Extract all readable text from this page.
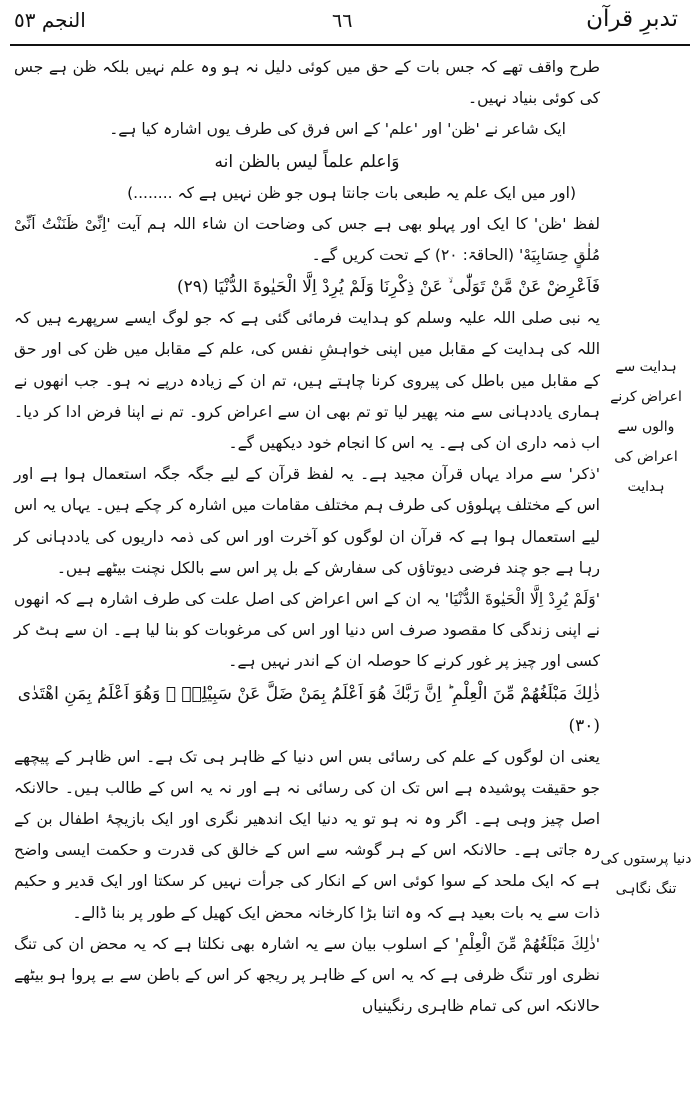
تدبرِ قرآن
٦٦
النجم ٥٣

طرح واقف تھے کہ جس بات کے حق میں کوئی دلیل نہ ہو وہ علم نہیں بلکہ ظن ہے جس کی کوئی بنیاد نہیں۔

ایک شاعر نے 'ظن' اور 'علم' کے اس فرق کی طرف یوں اشارہ کیا ہے۔

وَاعلم علماً ليس بالظن انه

(اور میں ایک علم یہ طبعی بات جانتا ہوں جو ظن نہیں ہے کہ ........)

لفظ 'ظن' کا ایک اور پہلو بھی ہے جس کی وضاحت ان شاء اللہ ہم آیت 'اِنِّیْ ظَنَنْتُ اَنِّیْ مُلٰقٍ حِسَابِیَهْ' (الحاقۃ: ۲۰) کے تحت کریں گے۔

فَاَعْرِضْ عَنْ مَّنْ تَوَلّٰى ۙ عَنْ ذِكْرِنَا وَلَمْ یُرِدْ اِلَّا الْحَیٰوةَ الدُّنْیَا (۲۹)

یہ نبی صلی اللہ علیہ وسلم کو ہدایت فرمائی گئی ہے کہ جو لوگ ایسے سرپھرے ہیں کہ اللہ کی ہدایت کے مقابل میں اپنی خواہشِ نفس کی، علم کے مقابل میں ظن کی اور حق کے مقابل میں باطل کی پیروی کرنا چاہتے ہیں، تم ان کے زیادہ درپے نہ ہو۔ جب انھوں نے ہماری یاددہانی سے منہ پھیر لیا تو تم بھی ان سے اعراض کرو۔ تم نے اپنا فرض ادا کر دیا۔ اب ذمہ داری ان کی ہے۔ یہ اس کا انجام خود دیکھیں گے۔

'ذکر' سے مراد یہاں قرآن مجید ہے۔ یہ لفظ قرآن کے لیے جگہ جگہ استعمال ہوا ہے اور اس کے مختلف پہلوؤں کی طرف ہم مختلف مقامات میں اشارہ کر چکے ہیں۔ یہاں یہ اس لیے استعمال ہوا ہے کہ قرآن ان لوگوں کو آخرت اور اس کی ذمہ داریوں کی یاددہانی کر رہا ہے جو چند فرضی دیوتاؤں کی سفارش کے بل پر اس سے بالکل نچنت بیٹھے ہیں۔

'وَلَمْ یُرِدْ اِلَّا الْحَیٰوةَ الدُّنْیَا' یہ ان کے اس اعراض کی اصل علت کی طرف اشارہ ہے کہ انھوں نے اپنی زندگی کا مقصود صرف اس دنیا اور اس کی مرغوبات کو بنا لیا ہے۔ ان سے ہٹ کر کسی اور چیز پر غور کرنے کا حوصلہ ان کے اندر نہیں ہے۔

ذٰلِكَ مَبْلَغُهُمْ مِّنَ الْعِلْمِ ؕ اِنَّ رَبَّكَ هُوَ اَعْلَمُ بِمَنْ ضَلَّ عَنْ سَبِیْلِهٖ ۙ وَهُوَ اَعْلَمُ بِمَنِ اهْتَدٰى (۳۰)

یعنی ان لوگوں کے علم کی رسائی بس اس دنیا کے ظاہر ہی تک ہے۔ اس ظاہر کے پیچھے جو حقیقت پوشیدہ ہے اس تک ان کی رسائی نہ ہے اور نہ یہ اس کے طالب ہیں۔ حالانکہ اصل چیز وہی ہے۔ اگر وہ نہ ہو تو یہ دنیا ایک اندھیر نگری اور ایک بازیچۂ اطفال بن کے رہ جاتی ہے۔ حالانکہ اس کے ہر گوشہ سے اس کے خالق کی قدرت و حکمت ایسی واضح ہے کہ ایک ملحد کے سوا کوئی اس کے انکار کی جرأت نہیں کر سکتا اور ایک قدیر و حکیم ذات سے یہ بات بعید ہے کہ وہ اتنا بڑا کارخانہ محض ایک کھیل کے طور پر بنا ڈالے۔

'ذٰلِكَ مَبْلَغُهُمْ مِّنَ الْعِلْمِ' کے اسلوب بیان سے یہ اشارہ بھی نکلتا ہے کہ یہ محض ان کی تنگ نظری اور تنگ ظرفی ہے کہ یہ اس کے ظاہر پر ریجھ کر اس کے باطن سے بے پروا ہو بیٹھے حالانکہ اس کی تمام ظاہری رنگینیاں

ہدایت سے اعراض کرنے والوں سے اعراض کی ہدایت
دنیا پرستوں کی تنگ نگاہی
